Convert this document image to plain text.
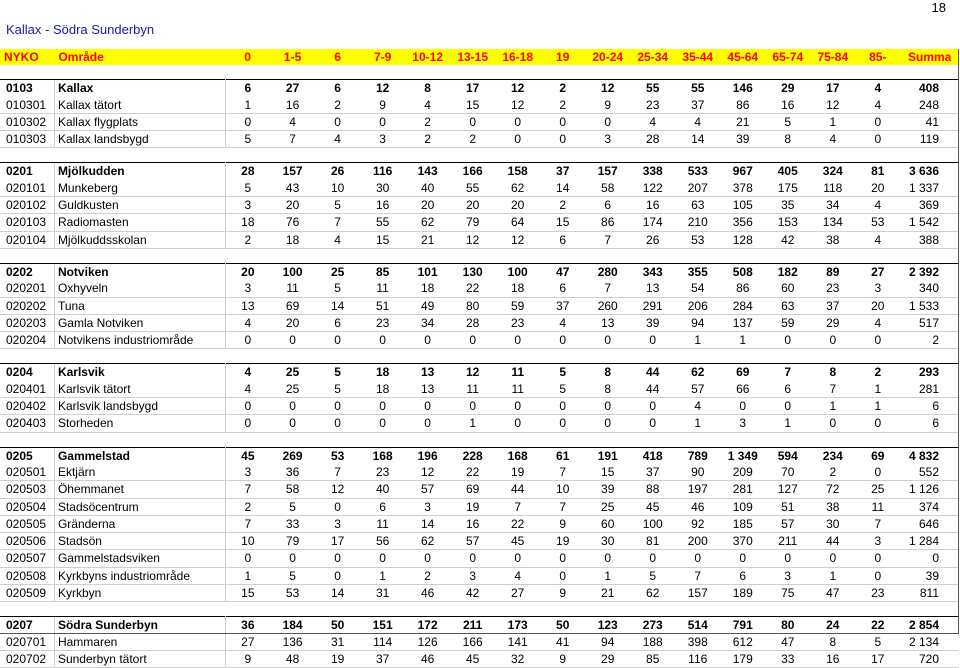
18
Kallax - Södra Sunderbyn
NYKO	Område	0	1-5	6	7-9	10-12	13-15	16-18	19	20-24	25-34	35-44	45-64	65-74	75-84	85-	Summa

0103	Kallax	6	27	6	12	8	17	12	2	12	55	55	146	29	17	4	408
010301	Kallax tätort	1	16	2	9	4	15	12	2	9	23	37	86	16	12	4	248
010302	Kallax flygplats	0	4	0	0	2	0	0	0	0	4	4	21	5	1	0	41
010303	Kallax landsbygd	5	7	4	3	2	2	0	0	3	28	14	39	8	4	0	119

0201	Mjölkudden	28	157	26	116	143	166	158	37	157	338	533	967	405	324	81	3 636
020101	Munkeberg	5	43	10	30	40	55	62	14	58	122	207	378	175	118	20	1 337
020102	Guldkusten	3	20	5	16	20	20	20	2	6	16	63	105	35	34	4	369
020103	Radiomasten	18	76	7	55	62	79	64	15	86	174	210	356	153	134	53	1 542
020104	Mjölkuddsskolan	2	18	4	15	21	12	12	6	7	26	53	128	42	38	4	388

0202	Notviken	20	100	25	85	101	130	100	47	280	343	355	508	182	89	27	2 392
020201	Oxhyveln	3	11	5	11	18	22	18	6	7	13	54	86	60	23	3	340
020202	Tuna	13	69	14	51	49	80	59	37	260	291	206	284	63	37	20	1 533
020203	Gamla Notviken	4	20	6	23	34	28	23	4	13	39	94	137	59	29	4	517
020204	Notvikens industriområde	0	0	0	0	0	0	0	0	0	0	1	1	0	0	0	2

0204	Karlsvik	4	25	5	18	13	12	11	5	8	44	62	69	7	8	2	293
020401	Karlsvik tätort	4	25	5	18	13	11	11	5	8	44	57	66	6	7	1	281
020402	Karlsvik landsbygd	0	0	0	0	0	0	0	0	0	0	4	0	0	1	1	6
020403	Storheden	0	0	0	0	0	1	0	0	0	0	1	3	1	0	0	6

0205	Gammelstad	45	269	53	168	196	228	168	61	191	418	789	1 349	594	234	69	4 832
020501	Ektjärn	3	36	7	23	12	22	19	7	15	37	90	209	70	2	0	552
020503	Öhemmanet	7	58	12	40	57	69	44	10	39	88	197	281	127	72	25	1 126
020504	Stadsöcentrum	2	5	0	6	3	19	7	7	25	45	46	109	51	38	11	374
020505	Gränderna	7	33	3	11	14	16	22	9	60	100	92	185	57	30	7	646
020506	Stadsön	10	79	17	56	62	57	45	19	30	81	200	370	211	44	3	1 284
020507	Gammelstadsviken	0	0	0	0	0	0	0	0	0	0	0	0	0	0	0	0
020508	Kyrkbyns industriområde	1	5	0	1	2	3	4	0	1	5	7	6	3	1	0	39
020509	Kyrkbyn	15	53	14	31	46	42	27	9	21	62	157	189	75	47	23	811

0207	Södra Sunderbyn	36	184	50	151	172	211	173	50	123	273	514	791	80	24	22	2 854
020701	Hammaren	27	136	31	114	126	166	141	41	94	188	398	612	47	8	5	2 134
020702	Sunderbyn tätort	9	48	19	37	46	45	32	9	29	85	116	179	33	16	17	720
